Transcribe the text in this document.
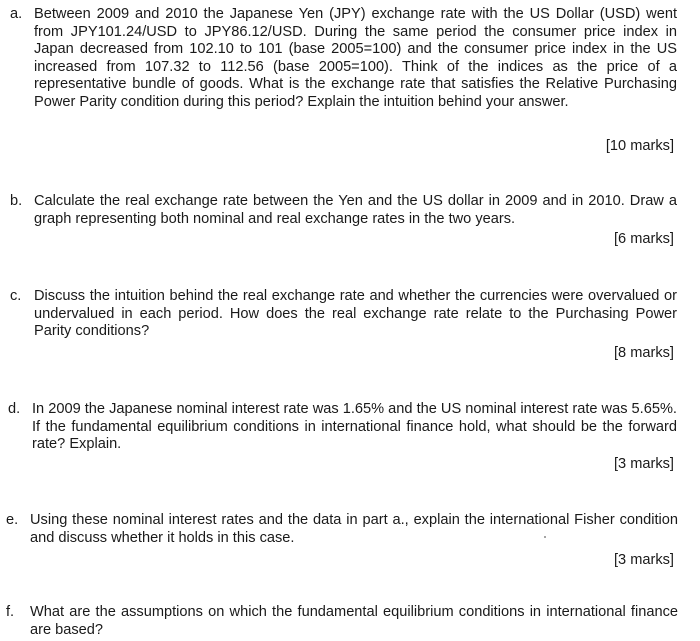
a. Between 2009 and 2010 the Japanese Yen (JPY) exchange rate with the US Dollar (USD) went from JPY101.24/USD to JPY86.12/USD. During the same period the consumer price index in Japan decreased from 102.10 to 101 (base 2005=100) and the consumer price index in the US increased from 107.32 to 112.56 (base 2005=100). Think of the indices as the price of a representative bundle of goods. What is the exchange rate that satisfies the Relative Purchasing Power Parity condition during this period? Explain the intuition behind your answer.
[10 marks]
b. Calculate the real exchange rate between the Yen and the US dollar in 2009 and in 2010. Draw a graph representing both nominal and real exchange rates in the two years.
[6 marks]
c. Discuss the intuition behind the real exchange rate and whether the currencies were overvalued or undervalued in each period. How does the real exchange rate relate to the Purchasing Power Parity conditions?
[8 marks]
d. In 2009 the Japanese nominal interest rate was 1.65% and the US nominal interest rate was 5.65%. If the fundamental equilibrium conditions in international finance hold, what should be the forward rate? Explain.
[3 marks]
e. Using these nominal interest rates and the data in part a., explain the international Fisher condition and discuss whether it holds in this case.
[3 marks]
f. What are the assumptions on which the fundamental equilibrium conditions in international finance are based?
